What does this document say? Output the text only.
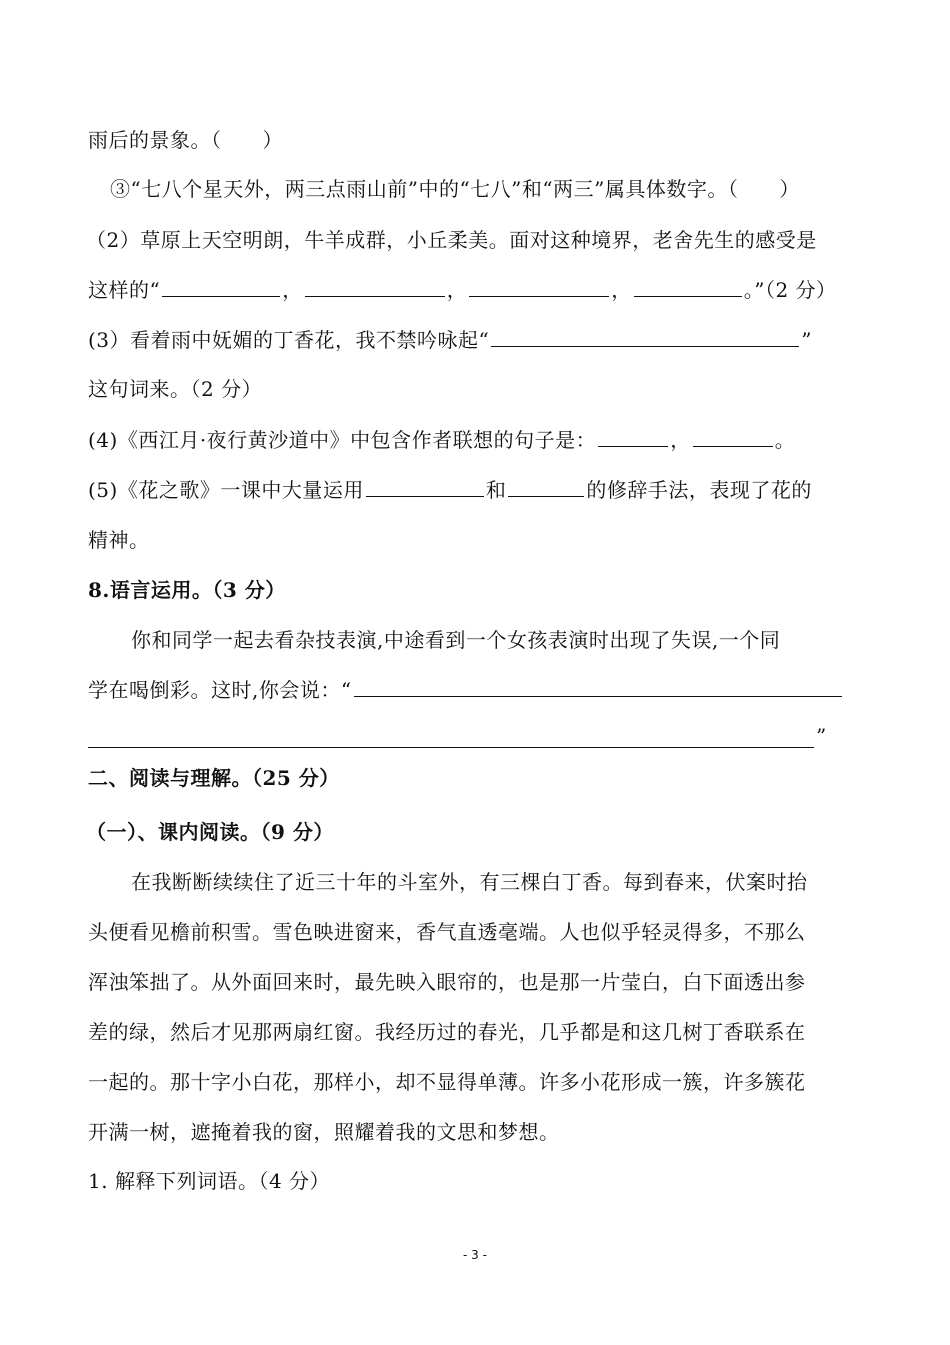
雨后的景象。（　　）
③“七八个星天外，两三点雨山前”中的“七八”和“两三”属具体数字。（　　）
（2）草原上天空明朗，牛羊成群，小丘柔美。面对这种境界，老舍先生的感受是
这样的“	，	，	，	。”（2 分）
(3）看着雨中妩媚的丁香花，我不禁吟咏起“	”
这句词来。（2 分）
(4)《西江月·夜行黄沙道中》中包含作者联想的句子是：	，	。
(5)《花之歌》一课中大量运用	和	的修辞手法，表现了花的
精神。
8.语言运用。（3 分）
你和同学一起去看杂技表演,中途看到一个女孩表演时出现了失误,一个同
学在喝倒彩。这时,你会说：“
”
二、阅读与理解。（25 分）
（一）、课内阅读。（9 分）
在我断断续续住了近三十年的斗室外，有三棵白丁香。每到春来，伏案时抬
头便看见檐前积雪。雪色映进窗来，香气直透毫端。人也似乎轻灵得多，不那么
浑浊笨拙了。从外面回来时，最先映入眼帘的，也是那一片莹白，白下面透出参
差的绿，然后才见那两扇红窗。我经历过的春光，几乎都是和这几树丁香联系在
一起的。那十字小白花，那样小，却不显得单薄。许多小花形成一簇，许多簇花
开满一树，遮掩着我的窗，照耀着我的文思和梦想。
1. 解释下列词语。（4 分）
- 3 -
